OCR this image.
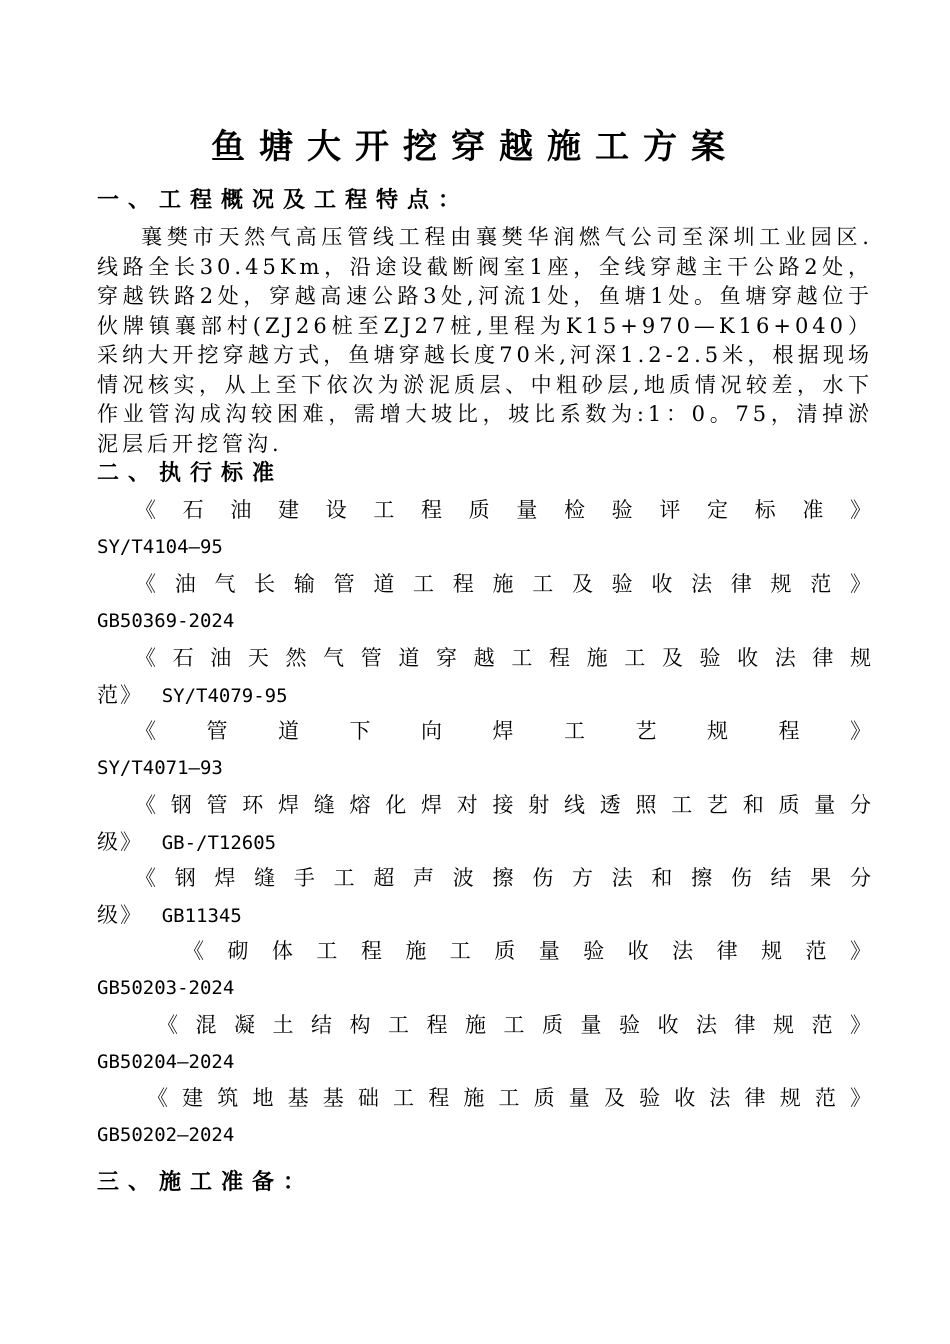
鱼塘大开挖穿越施工方案
一、工程概况及工程特点：
襄樊市天然气高压管线工程由襄樊华润燃气公司至深圳工业园区.线路全长30.45Km，沿途设截断阀室1座，全线穿越主干公路2处，穿越铁路2处，穿越高速公路3处,河流1处，鱼塘1处。鱼塘穿越位于伙牌镇襄部村(ZJ26桩至ZJ27桩,里程为K15+970—K16+040）采纳大开挖穿越方式，鱼塘穿越长度70米,河深1.2-2.5米，根据现场情况核实，从上至下依次为淤泥质层、中粗砂层,地质情况较差，水下作业管沟成沟较困难，需增大坡比，坡比系数为:1：0。75，清掉淤泥层后开挖管沟.
二、执行标准
《石油建设工程质量检验评定标准》
SY/T4104—95
《油气长输管道工程施工及验收法律规范》
GB50369-2024
《石油天然气管道穿越工程施工及验收法律规
范》 SY/T4079-95
《管道下向焊工艺规程》
SY/T4071—93
《钢管环焊缝熔化焊对接射线透照工艺和质量分
级》 GB-/T12605
《钢焊缝手工超声波擦伤方法和擦伤结果分
级》 GB11345
《砌体工程施工质量验收法律规范》
GB50203-2024
《混凝土结构工程施工质量验收法律规范》
GB50204—2024
《建筑地基基础工程施工质量及验收法律规范》
GB50202—2024
三、施工准备：
